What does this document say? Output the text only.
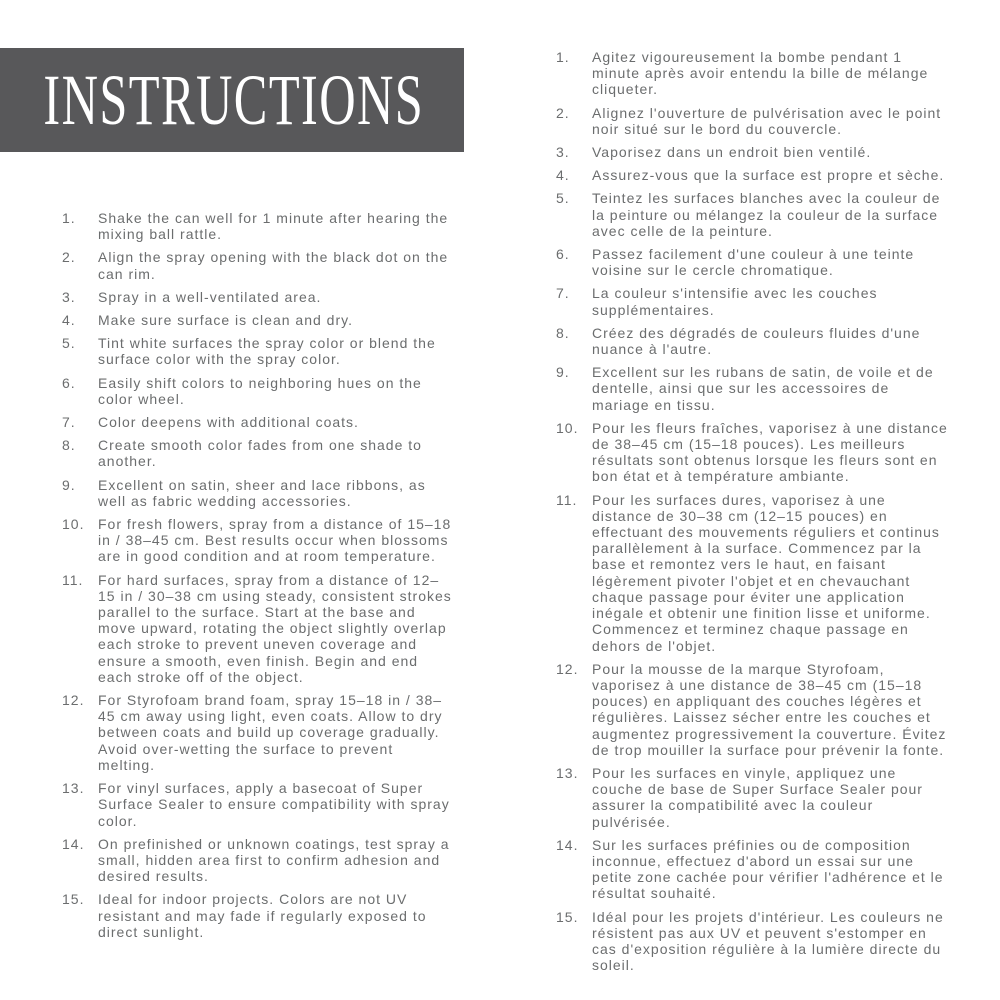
INSTRUCTIONS
1.	Shake the can well for 1 minute after hearing the mixing ball rattle.
2.	Align the spray opening with the black dot on the can rim.
3.	Spray in a well-ventilated area.
4.	Make sure surface is clean and dry.
5.	Tint white surfaces the spray color or blend the surface color with the spray color.
6.	Easily shift colors to neighboring hues on the color wheel.
7.	Color deepens with additional coats.
8.	Create smooth color fades from one shade to another.
9.	Excellent on satin, sheer and lace ribbons, as well as fabric wedding accessories.
10. For fresh flowers, spray from a distance of 15–18 in / 38–45 cm. Best results occur when blossoms are in good condition and at room temperature.
11.	For hard surfaces, spray from a distance of 12–15 in / 30–38 cm using steady, consistent strokes parallel to the surface. Start at the base and move upward, rotating the object slightly overlap each stroke to prevent uneven coverage and ensure a smooth, even finish. Begin and end each stroke off of the object.
12. For Styrofoam brand foam, spray 15–18 in / 38–45 cm away using light, even coats. Allow to dry between coats and build up coverage gradually. Avoid over-wetting the surface to prevent melting.
13. For vinyl surfaces, apply a basecoat of Super Surface Sealer to ensure compatibility with spray color.
14. On prefinished or unknown coatings, test spray a small, hidden area first to confirm adhesion and desired results.
15. Ideal for indoor projects. Colors are not UV resistant and may fade if regularly exposed to direct sunlight.
1.	Agitez vigoureusement la bombe pendant 1 minute après avoir entendu la bille de mélange cliqueter.
2.	Alignez l'ouverture de pulvérisation avec le point noir situé sur le bord du couvercle.
3.	Vaporisez dans un endroit bien ventilé.
4.	Assurez-vous que la surface est propre et sèche.
5.	Teintez les surfaces blanches avec la couleur de la peinture ou mélangez la couleur de la surface avec celle de la peinture.
6.	Passez facilement d'une couleur à une teinte voisine sur le cercle chromatique.
7.	La couleur s'intensifie avec les couches supplémentaires.
8.	Créez des dégradés de couleurs fluides d'une nuance à l'autre.
9.	Excellent sur les rubans de satin, de voile et de dentelle, ainsi que sur les accessoires de mariage en tissu.
10. Pour les fleurs fraîches, vaporisez à une distance de 38–45 cm (15–18 pouces). Les meilleurs résultats sont obtenus lorsque les fleurs sont en bon état et à température ambiante.
11.	Pour les surfaces dures, vaporisez à une distance de 30–38 cm (12–15 pouces) en effectuant des mouvements réguliers et continus parallèlement à la surface. Commencez par la base et remontez vers le haut, en faisant légèrement pivoter l'objet et en chevauchant chaque passage pour éviter une application inégale et obtenir une finition lisse et uniforme. Commencez et terminez chaque passage en dehors de l'objet.
12. Pour la mousse de la marque Styrofoam, vaporisez à une distance de 38–45 cm (15–18 pouces) en appliquant des couches légères et régulières. Laissez sécher entre les couches et augmentez progressivement la couverture. Évitez de trop mouiller la surface pour prévenir la fonte.
13. Pour les surfaces en vinyle, appliquez une couche de base de Super Surface Sealer pour assurer la compatibilité avec la couleur pulvérisée.
14. Sur les surfaces préfinies ou de composition inconnue, effectuez d'abord un essai sur une petite zone cachée pour vérifier l'adhérence et le résultat souhaité.
15. Idéal pour les projets d'intérieur. Les couleurs ne résistent pas aux UV et peuvent s'estomper en cas d'exposition régulière à la lumière directe du soleil.
